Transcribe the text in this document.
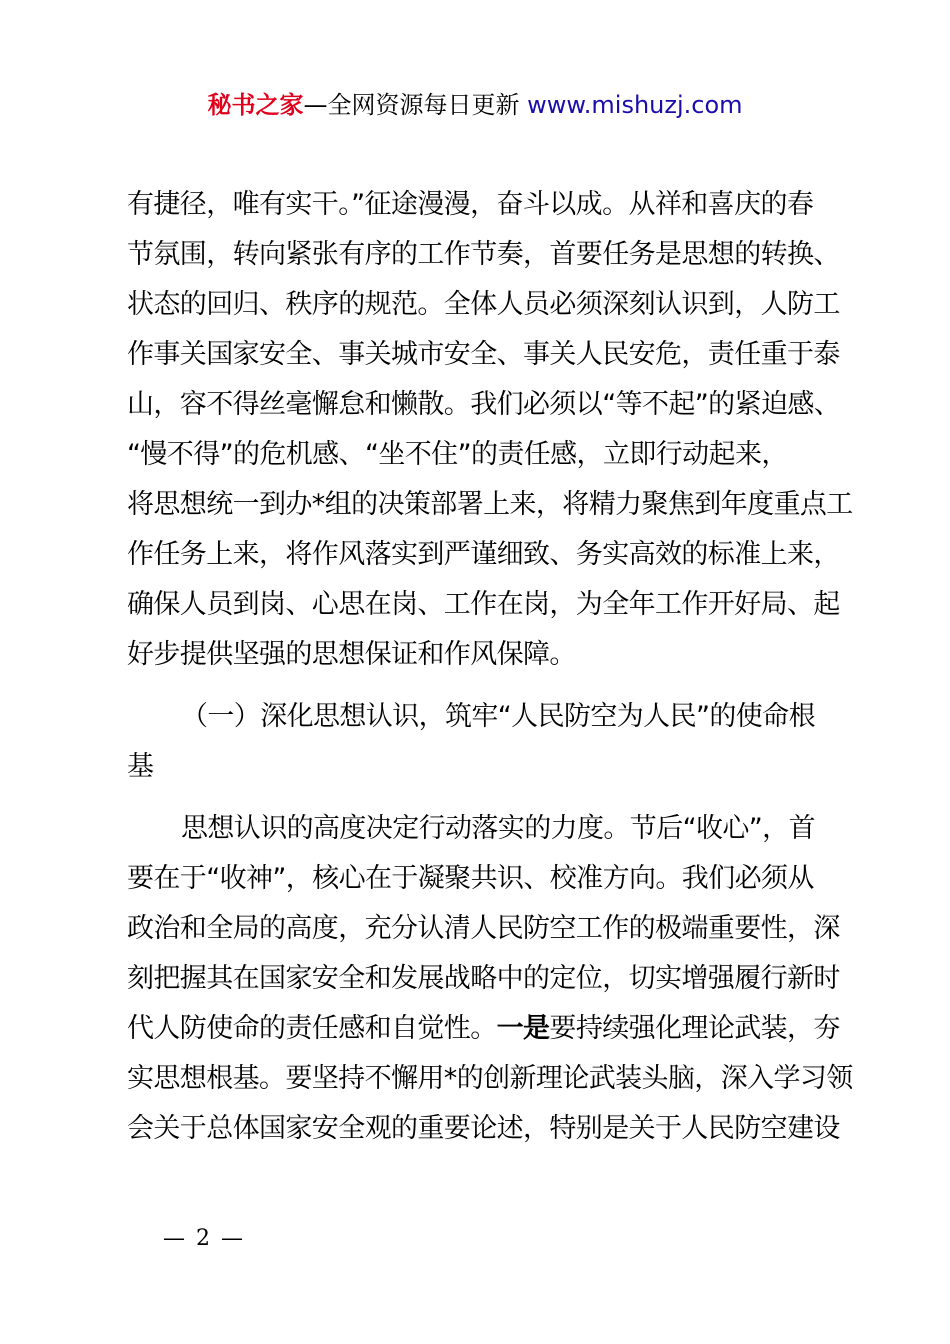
秘书之家—全网资源每日更新 www.mishuzj.com
有捷径，唯有实干。”征途漫漫，奋斗以成。从祥和喜庆的春
节氛围，转向紧张有序的工作节奏，首要任务是思想的转换、
状态的回归、秩序的规范。全体人员必须深刻认识到，人防工
作事关国家安全、事关城市安全、事关人民安危，责任重于泰
山，容不得丝毫懈怠和懒散。我们必须以“等不起”的紧迫感、
“慢不得”的危机感、“坐不住”的责任感，立即行动起来，
将思想统一到办*组的决策部署上来，将精力聚焦到年度重点工
作任务上来，将作风落实到严谨细致、务实高效的标准上来，
确保人员到岗、心思在岗、工作在岗，为全年工作开好局、起
好步提供坚强的思想保证和作风保障。
（一）深化思想认识，筑牢“人民防空为人民”的使命根
基
思想认识的高度决定行动落实的力度。节后“收心”，首
要在于“收神”，核心在于凝聚共识、校准方向。我们必须从
政治和全局的高度，充分认清人民防空工作的极端重要性，深
刻把握其在国家安全和发展战略中的定位，切实增强履行新时
代人防使命的责任感和自觉性。一是要持续强化理论武装，夯
实思想根基。要坚持不懈用*的创新理论武装头脑，深入学习领
会关于总体国家安全观的重要论述，特别是关于人民防空建设
— 2 —
